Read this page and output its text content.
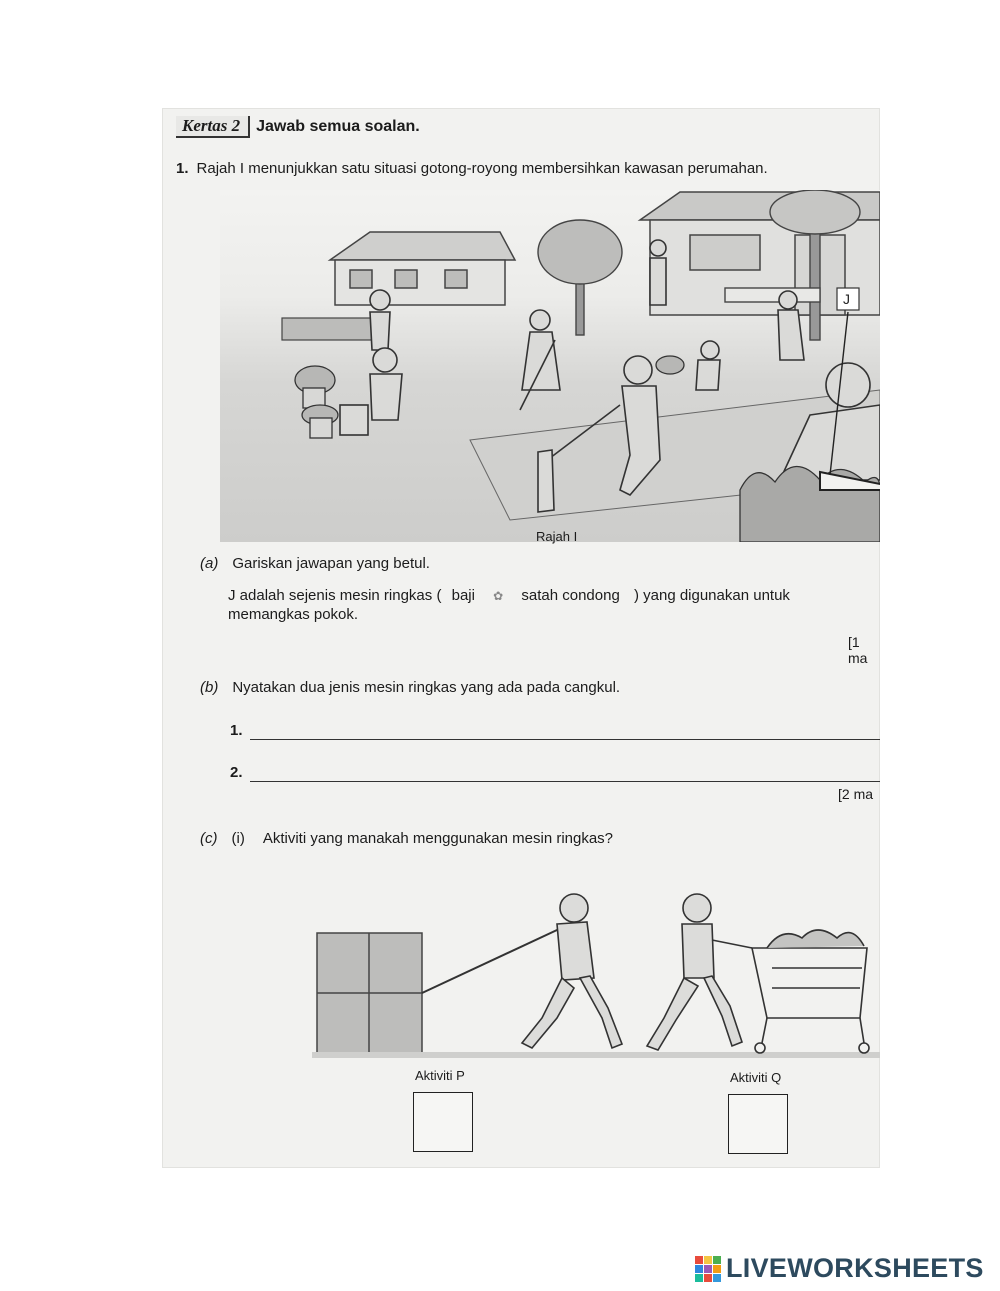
Kertas 2	Jawab semua soalan.
1. Rajah I menunjukkan satu situasi gotong-royong membersihkan kawasan perumahan.
J
Rajah I
(a) Gariskan jawapan yang betul.
J adalah sejenis mesin ringkas ( baji ✿ satah condong ) yang digunakan untuk
memangkas pokok.
[1 ma
(b) Nyatakan dua jenis mesin ringkas yang ada pada cangkul.
1.
2.
[2 ma
(c) (i) Aktiviti yang manakah menggunakan mesin ringkas?
Aktiviti P	Aktiviti Q
LIVEWORKSHEETS
